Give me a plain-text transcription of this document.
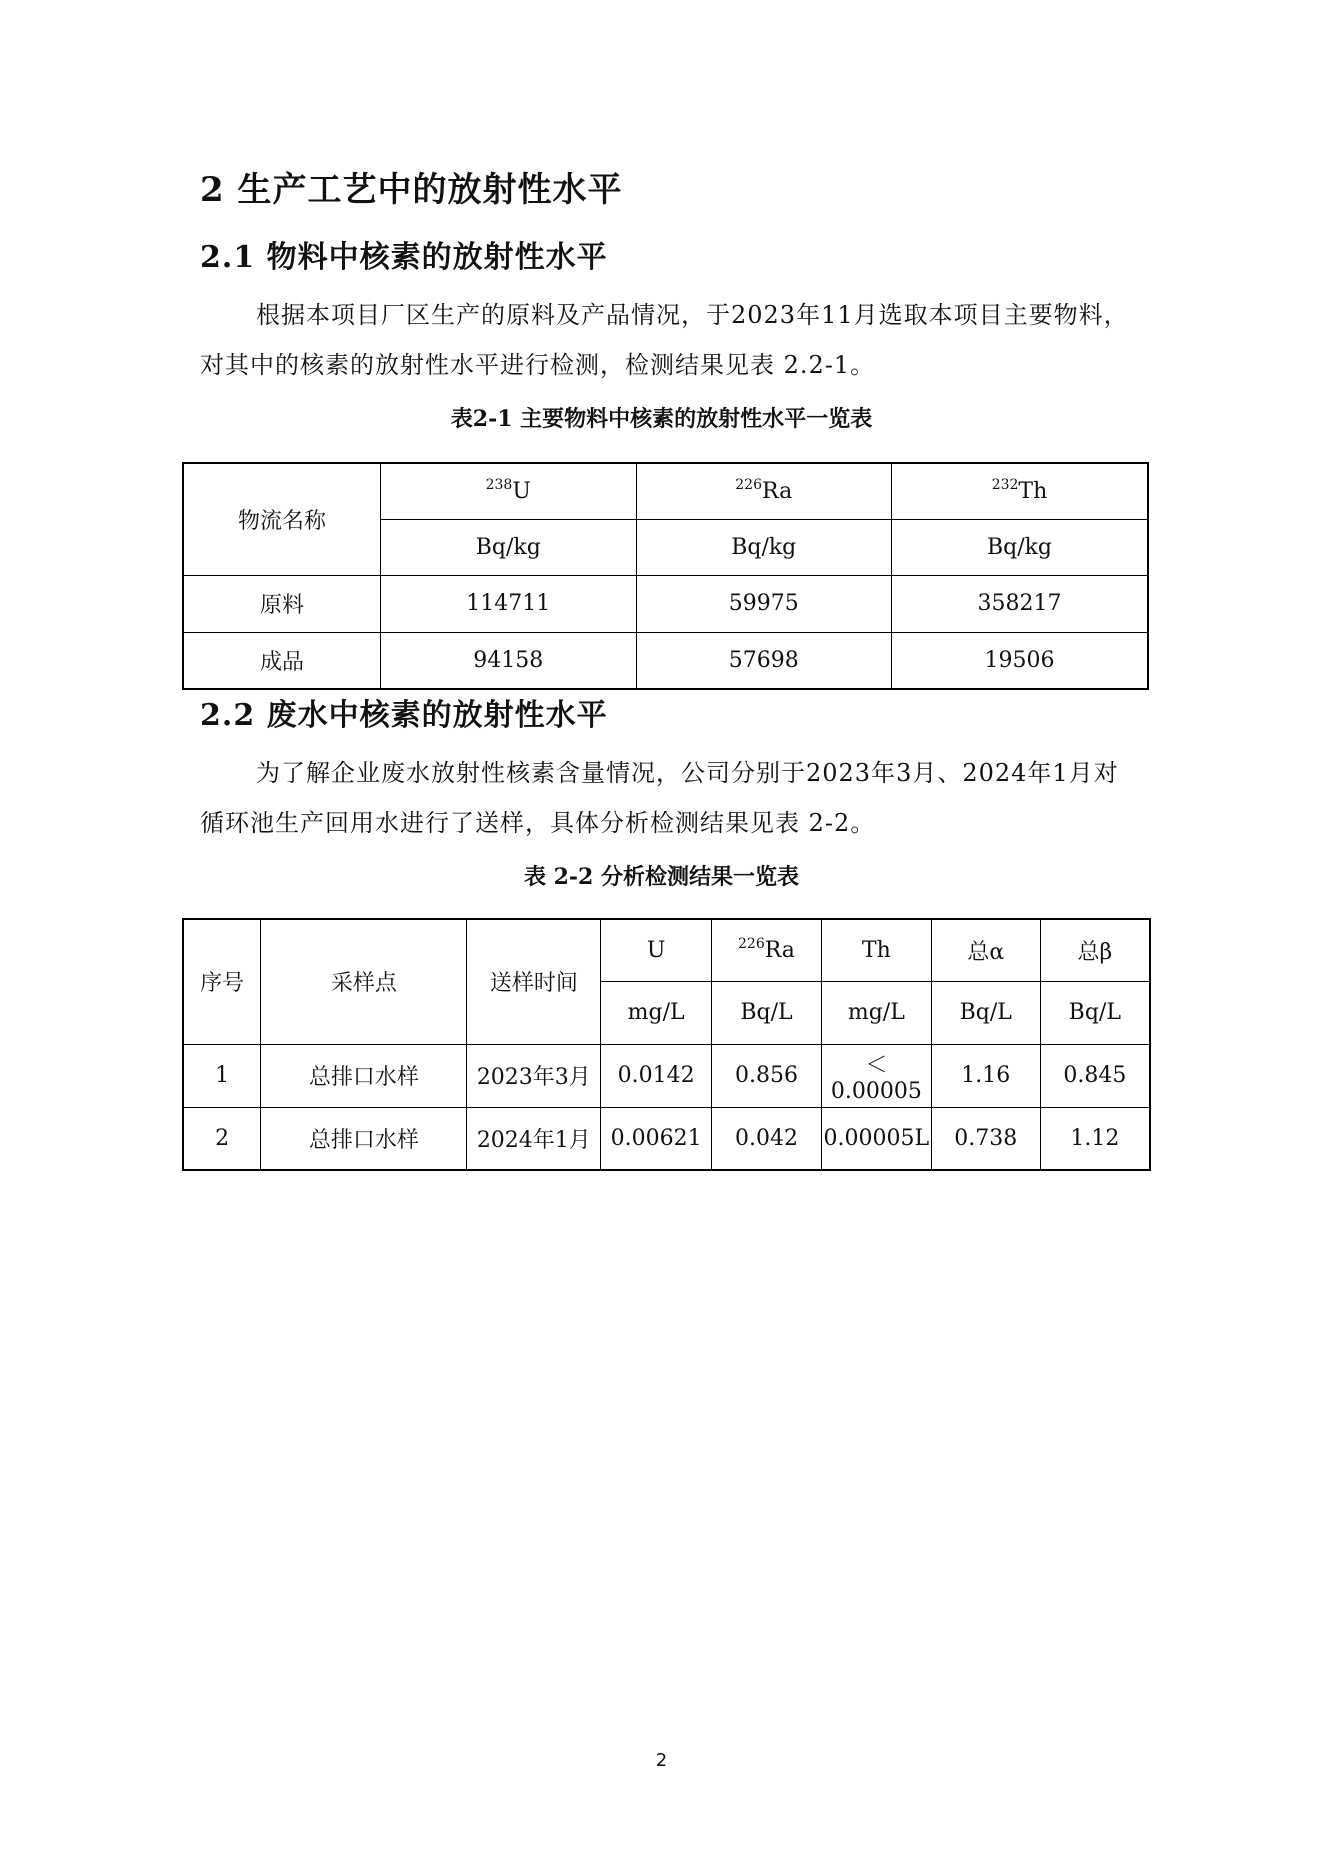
2 生产工艺中的放射性水平
2.1 物料中核素的放射性水平
根据本项目厂区生产的原料及产品情况，于2023年11月选取本项目主要物料，对其中的核素的放射性水平进行检测，检测结果见表 2.2-1。
表2-1 主要物料中核素的放射性水平一览表
物流名称	$^{238}$U	$^{226}$Ra	$^{232}$Th
	Bq/kg	Bq/kg	Bq/kg
原料	114711	59975	358217
成品	94158	57698	19506
2.2 废水中核素的放射性水平
为了解企业废水放射性核素含量情况，公司分别于2023年3月、2024年1月对循环池生产回用水进行了送样，具体分析检测结果见表 2-2。
表 2-2 分析检测结果一览表
序号	采样点	送样时间	U	$^{226}$Ra	Th	总α	总β
			mg/L	Bq/L	mg/L	Bq/L	Bq/L
1	总排口水样	2023年3月	0.0142	0.856	＜0.00005	1.16	0.845
2	总排口水样	2024年1月	0.00621	0.042	0.00005L	0.738	1.12
2
